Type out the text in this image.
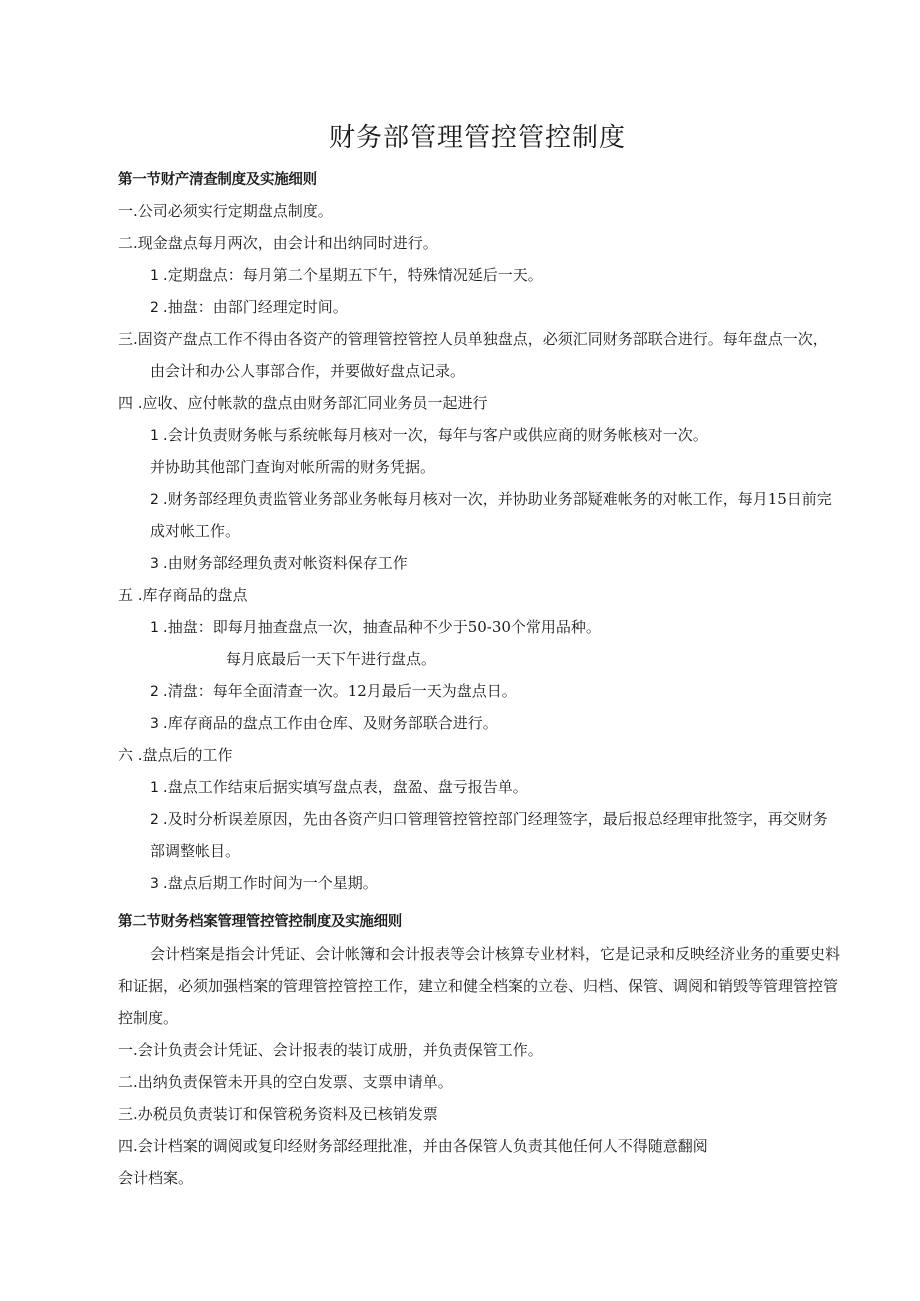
财务部管理管控管控制度

第一节财产清查制度及实施细则

一.公司必须实行定期盘点制度。

二.现金盘点每月两次，由会计和出纳同时进行。

1 .定期盘点：每月第二个星期五下午，特殊情况延后一天。

2 .抽盘：由部门经理定时间。

三.固资产盘点工作不得由各资产的管理管控管控人员单独盘点，必须汇同财务部联合进行。每年盘点一次，

由会计和办公人事部合作，并要做好盘点记录。

四 .应收、应付帐款的盘点由财务部汇同业务员一起进行

1 .会计负责财务帐与系统帐每月核对一次，每年与客户或供应商的财务帐核对一次。

并协助其他部门查询对帐所需的财务凭据。

2 .财务部经理负责监管业务部业务帐每月核对一次，并协助业务部疑难帐务的对帐工作，每月15日前完

成对帐工作。

3 .由财务部经理负责对帐资料保存工作

五 .库存商品的盘点

1 .抽盘：即每月抽查盘点一次，抽查品种不少于50-30个常用品种。

每月底最后一天下午进行盘点。

2 .清盘：每年全面清查一次。12月最后一天为盘点日。

3 .库存商品的盘点工作由仓库、及财务部联合进行。

六 .盘点后的工作

1 .盘点工作结束后据实填写盘点表，盘盈、盘亏报告单。

2 .及时分析误差原因，先由各资产归口管理管控管控部门经理签字，最后报总经理审批签字，再交财务

部调整帐目。

3 .盘点后期工作时间为一个星期。

第二节财务档案管理管控管控制度及实施细则

会计档案是指会计凭证、会计帐簿和会计报表等会计核算专业材料，它是记录和反映经济业务的重要史料

和证据，必须加强档案的管理管控管控工作，建立和健全档案的立卷、归档、保管、调阅和销毁等管理管控管

控制度。

一.会计负责会计凭证、会计报表的装订成册，并负责保管工作。

二.出纳负责保管未开具的空白发票、支票申请单。

三.办税员负责装订和保管税务资料及已核销发票

四.会计档案的调阅或复印经财务部经理批准，并由各保管人负责其他任何人不得随意翻阅

会计档案。
